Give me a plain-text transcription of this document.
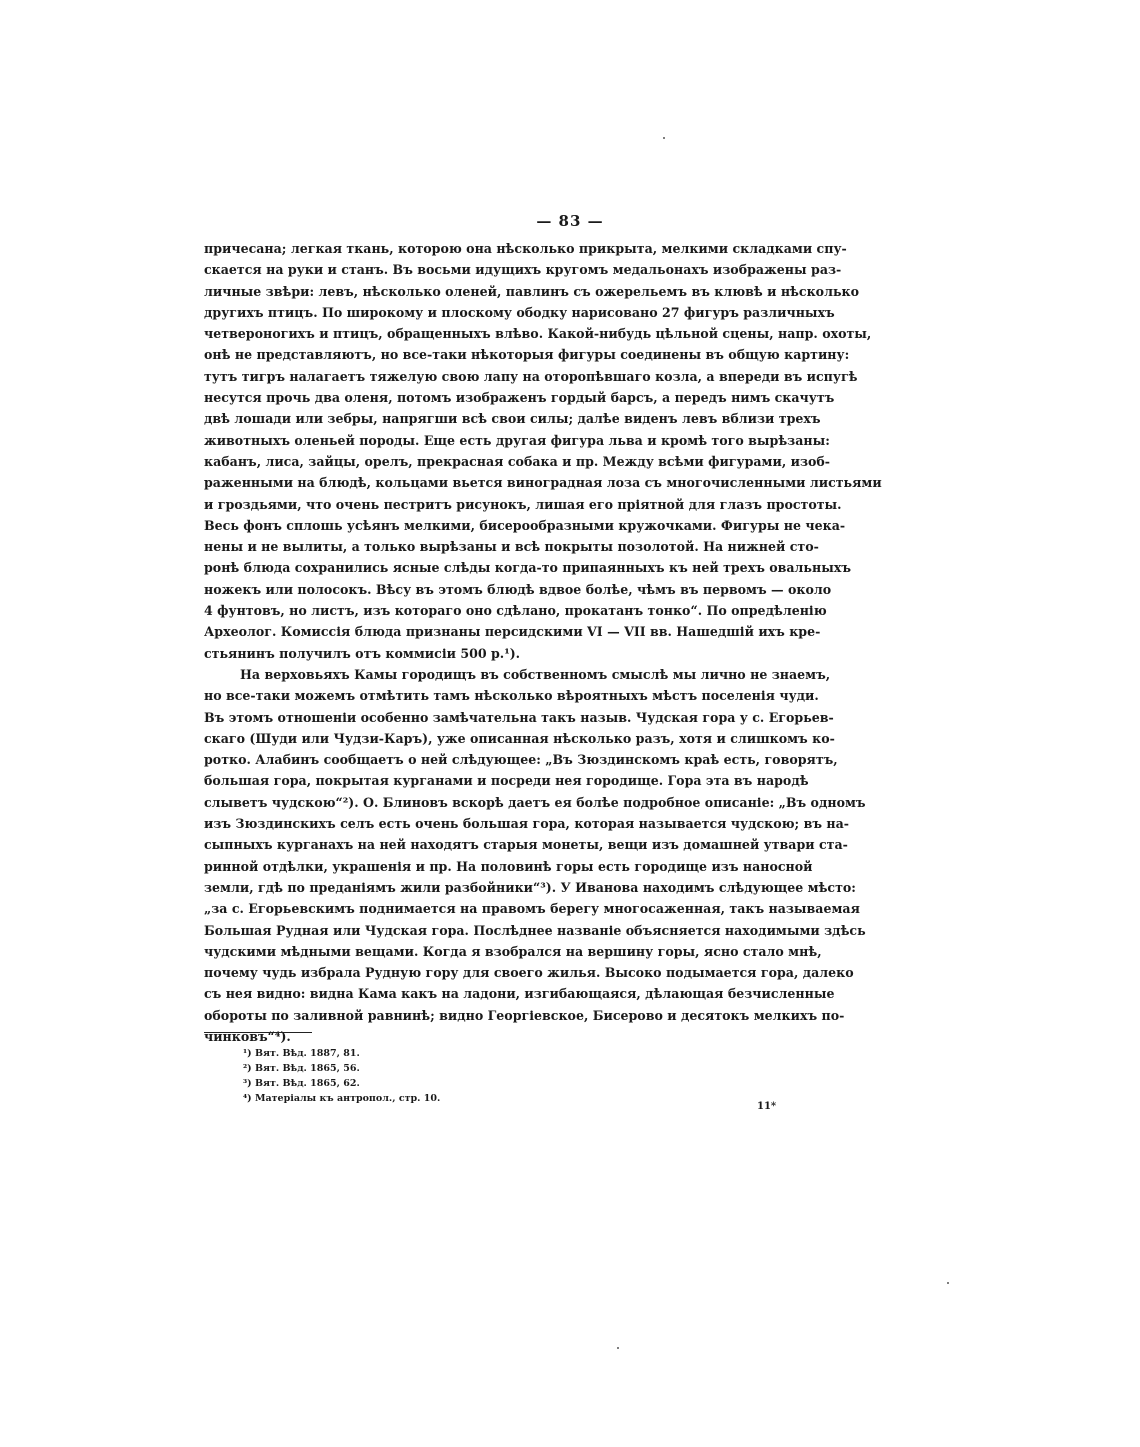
— 83 —
причесана; легкая ткань, которою она нѣсколько прикрыта, мелкими складками спу-
скается на руки и станъ. Въ восьми идущихъ кругомъ медальонахъ изображены раз-
личные звѣри: левъ, нѣсколько оленей, павлинъ съ ожерельемъ въ клювѣ и нѣсколько
другихъ птицъ. По широкому и плоскому ободку нарисовано 27 фигуръ различныхъ
четвероногихъ и птицъ, обращенныхъ влѣво. Какой-нибудь цѣльной сцены, напр. охоты,
онѣ не представляютъ, но все-таки нѣкоторыя фигуры соединены въ общую картину:
тутъ тигръ налагаетъ тяжелую свою лапу на оторопѣвшаго козла, а впереди въ испугѣ
несутся прочь два оленя, потомъ изображенъ гордый барсъ, а передъ нимъ скачутъ
двѣ лошади или зебры, напрягши всѣ свои силы; далѣе виденъ левъ вблизи трехъ
животныхъ оленьей породы. Еще есть другая фигура льва и кромѣ того вырѣзаны:
кабанъ, лиса, зайцы, орелъ, прекрасная собака и пр. Между всѣми фигурами, изоб-
раженными на блюдѣ, кольцами вьется виноградная лоза съ многочисленными листьями
и гроздьями, что очень пестритъ рисунокъ, лишая его пріятной для глазъ простоты.
Весь фонъ сплошь усѣянъ мелкими, бисерообразными кружочками. Фигуры не чека-
нены и не вылиты, а только вырѣзаны и всѣ покрыты позолотой. На нижней сто-
ронѣ блюда сохранились ясные слѣды когда-то припаянныхъ къ ней трехъ овальныхъ
ножекъ или полосокъ. Вѣсу въ этомъ блюдѣ вдвое болѣе, чѣмъ въ первомъ — около
4 фунтовъ, но листъ, изъ котораго оно сдѣлано, прокатанъ тонко“. По опредѣленію
Археолог. Комиссія блюда признаны персидскими VI — VII вв. Нашедшій ихъ кре-
стьянинъ получилъ отъ коммисіи 500 р.¹).
На верховьяхъ Камы городищъ въ собственномъ смыслѣ мы лично не знаемъ,
но все-таки можемъ отмѣтить тамъ нѣсколько вѣроятныхъ мѣстъ поселенія чуди.
Въ этомъ отношеніи особенно замѣчательна такъ назыв. Чудская гора у с. Егорьев-
скаго (Шуди или Чудзи-Каръ), уже описанная нѣсколько разъ, хотя и слишкомъ ко-
ротко. Алабинъ сообщаетъ о ней слѣдующее: „Въ Зюздинскомъ краѣ есть, говорятъ,
большая гора, покрытая курганами и посреди нея городище. Гора эта въ народѣ
слыветъ чудскою“²). О. Блиновъ вскорѣ даетъ ея болѣе подробное описаніе: „Въ одномъ
изъ Зюздинскихъ селъ есть очень большая гора, которая называется чудскою; въ на-
сыпныхъ курганахъ на ней находятъ старыя монеты, вещи изъ домашней утвари ста-
ринной отдѣлки, украшенія и пр. На половинѣ горы есть городище изъ наносной
земли, гдѣ по преданіямъ жили разбойники“³). У Иванова находимъ слѣдующее мѣсто:
„за с. Егорьевскимъ поднимается на правомъ берегу многосаженная, такъ называемая
Большая Рудная или Чудская гора. Послѣднее названіе объясняется находимыми здѣсь
чудскими мѣдными вещами. Когда я взобрался на вершину горы, ясно стало мнѣ,
почему чудь избрала Рудную гору для своего жилья. Высоко подымается гора, далеко
съ нея видно: видна Кама какъ на ладони, изгибающаяся, дѣлающая безчисленные
обороты по заливной равнинѣ; видно Георгіевское, Бисерово и десятокъ мелкихъ по-
чинковъ“⁴).
¹) Вят. Вѣд. 1887, 81.
²) Вят. Вѣд. 1865, 56.
³) Вят. Вѣд. 1865, 62.
⁴) Матеріалы къ антропол., стр. 10.
11*
